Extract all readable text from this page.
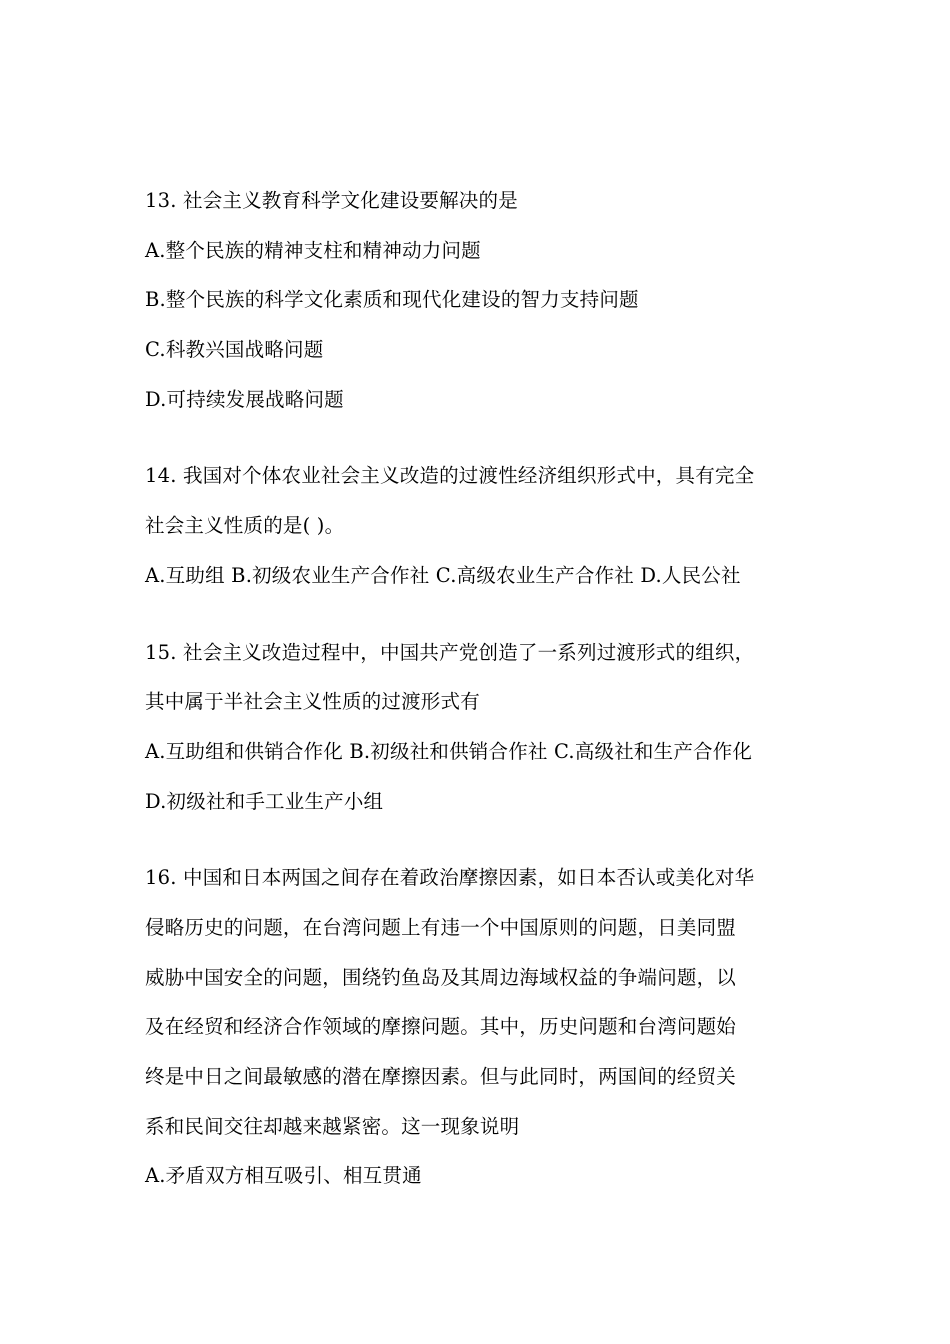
13. 社会主义教育科学文化建设要解决的是
A.整个民族的精神支柱和精神动力问题
B.整个民族的科学文化素质和现代化建设的智力支持问题
C.科教兴国战略问题
D.可持续发展战略问题
14. 我国对个体农业社会主义改造的过渡性经济组织形式中，具有完全
社会主义性质的是( )。
A.互助组 B.初级农业生产合作社 C.高级农业生产合作社 D.人民公社
15. 社会主义改造过程中，中国共产党创造了一系列过渡形式的组织，
其中属于半社会主义性质的过渡形式有
A.互助组和供销合作化 B.初级社和供销合作社 C.高级社和生产合作化
D.初级社和手工业生产小组
16. 中国和日本两国之间存在着政治摩擦因素，如日本否认或美化对华
侵略历史的问题，在台湾问题上有违一个中国原则的问题，日美同盟
威胁中国安全的问题，围绕钓鱼岛及其周边海域权益的争端问题，以
及在经贸和经济合作领域的摩擦问题。其中，历史问题和台湾问题始
终是中日之间最敏感的潜在摩擦因素。但与此同时，两国间的经贸关
系和民间交往却越来越紧密。这一现象说明
A.矛盾双方相互吸引、相互贯通
